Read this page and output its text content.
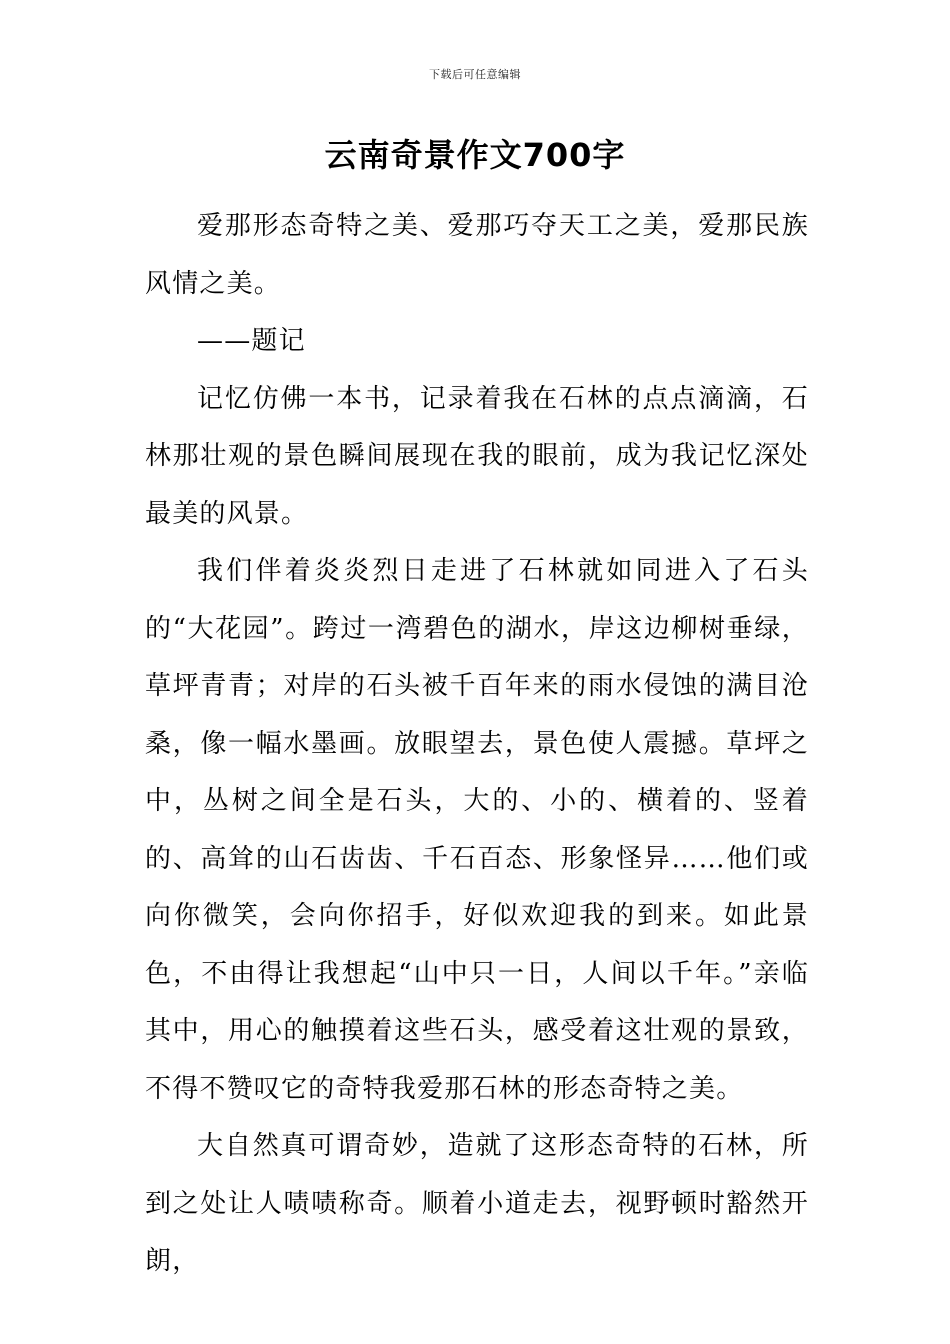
下载后可任意编辑
云南奇景作文700字

爱那形态奇特之美、爱那巧夺天工之美，爱那民族风情之美。

——题记

记忆仿佛一本书，记录着我在石林的点点滴滴，石林那壮观的景色瞬间展现在我的眼前，成为我记忆深处最美的风景。

我们伴着炎炎烈日走进了石林就如同进入了石头的“大花园”。跨过一湾碧色的湖水，岸这边柳树垂绿，草坪青青；对岸的石头被千百年来的雨水侵蚀的满目沧桑，像一幅水墨画。放眼望去，景色使人震撼。草坪之中，丛树之间全是石头，大的、小的、横着的、竖着的、高耸的山石齿齿、千石百态、形象怪异……他们或向你微笑，会向你招手，好似欢迎我的到来。如此景色，不由得让我想起“山中只一日，人间以千年。”亲临其中，用心的触摸着这些石头，感受着这壮观的景致，不得不赞叹它的奇特我爱那石林的形态奇特之美。

大自然真可谓奇妙，造就了这形态奇特的石林，所到之处让人啧啧称奇。顺着小道走去，视野顿时豁然开朗，
